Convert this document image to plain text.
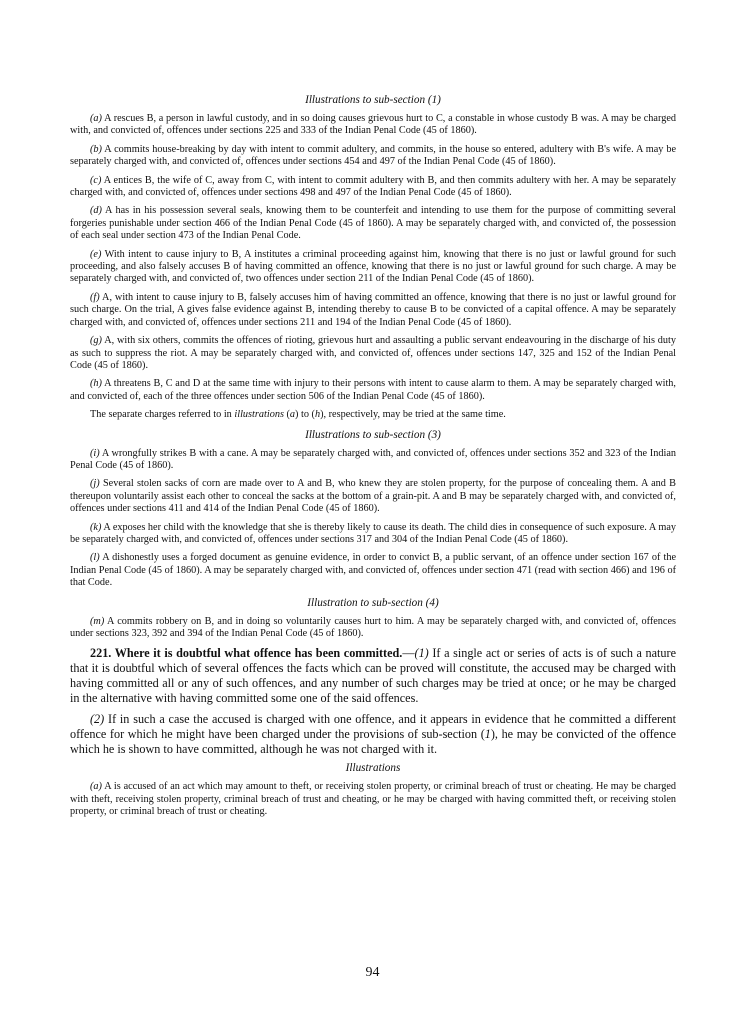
Illustrations to sub-section (1)

(a) A rescues B, a person in lawful custody, and in so doing causes grievous hurt to C, a constable in whose custody B was. A may be charged with, and convicted of, offences under sections 225 and 333 of the Indian Penal Code (45 of 1860).

(b) A commits house-breaking by day with intent to commit adultery, and commits, in the house so entered, adultery with B's wife. A may be separately charged with, and convicted of, offences under sections 454 and 497 of the Indian Penal Code (45 of 1860).

(c) A entices B, the wife of C, away from C, with intent to commit adultery with B, and then commits adultery with her. A may be separately charged with, and convicted of, offences under sections 498 and 497 of the Indian Penal Code (45 of 1860).

(d) A has in his possession several seals, knowing them to be counterfeit and intending to use them for the purpose of committing several forgeries punishable under section 466 of the Indian Penal Code (45 of 1860). A may be separately charged with, and convicted of, the possession of each seal under section 473 of the Indian Penal Code.

(e) With intent to cause injury to B, A institutes a criminal proceeding against him, knowing that there is no just or lawful ground for such proceeding, and also falsely accuses B of having committed an offence, knowing that there is no just or lawful ground for such charge. A may be separately charged with, and convicted of, two offences under section 211 of the Indian Penal Code (45 of 1860).

(f) A, with intent to cause injury to B, falsely accuses him of having committed an offence, knowing that there is no just or lawful ground for such charge. On the trial, A gives false evidence against B, intending thereby to cause B to be convicted of a capital offence. A may be separately charged with, and convicted of, offences under sections 211 and 194 of the Indian Penal Code (45 of 1860).

(g) A, with six others, commits the offences of rioting, grievous hurt and assaulting a public servant endeavouring in the discharge of his duty as such to suppress the riot. A may be separately charged with, and convicted of, offences under sections 147, 325 and 152 of the Indian Penal Code (45 of 1860).

(h) A threatens B, C and D at the same time with injury to their persons with intent to cause alarm to them. A may be separately charged with, and convicted of, each of the three offences under section 506 of the Indian Penal Code (45 of 1860).

The separate charges referred to in illustrations (a) to (h), respectively, may be tried at the same time.

Illustrations to sub-section (3)

(i) A wrongfully strikes B with a cane. A may be separately charged with, and convicted of, offences under sections 352 and 323 of the Indian Penal Code (45 of 1860).

(j) Several stolen sacks of corn are made over to A and B, who knew they are stolen property, for the purpose of concealing them. A and B thereupon voluntarily assist each other to conceal the sacks at the bottom of a grain-pit. A and B may be separately charged with, and convicted of, offences under sections 411 and 414 of the Indian Penal Code (45 of 1860).

(k) A exposes her child with the knowledge that she is thereby likely to cause its death. The child dies in consequence of such exposure. A may be separately charged with, and convicted of, offences under sections 317 and 304 of the Indian Penal Code (45 of 1860).

(l) A dishonestly uses a forged document as genuine evidence, in order to convict B, a public servant, of an offence under section 167 of the Indian Penal Code (45 of 1860). A may be separately charged with, and convicted of, offences under section 471 (read with section 466) and 196 of that Code.

Illustration to sub-section (4)

(m) A commits robbery on B, and in doing so voluntarily causes hurt to him. A may be separately charged with, and convicted of, offences under sections 323, 392 and 394 of the Indian Penal Code (45 of 1860).

221. Where it is doubtful what offence has been committed.—(1) If a single act or series of acts is of such a nature that it is doubtful which of several offences the facts which can be proved will constitute, the accused may be charged with having committed all or any of such offences, and any number of such charges may be tried at once; or he may be charged in the alternative with having committed some one of the said offences.

(2) If in such a case the accused is charged with one offence, and it appears in evidence that he committed a different offence for which he might have been charged under the provisions of sub-section (1), he may be convicted of the offence which he is shown to have committed, although he was not charged with it.

Illustrations

(a) A is accused of an act which may amount to theft, or receiving stolen property, or criminal breach of trust or cheating. He may be charged with theft, receiving stolen property, criminal breach of trust and cheating, or he may be charged with having committed theft, or receiving stolen property, or criminal breach of trust or cheating.

94
